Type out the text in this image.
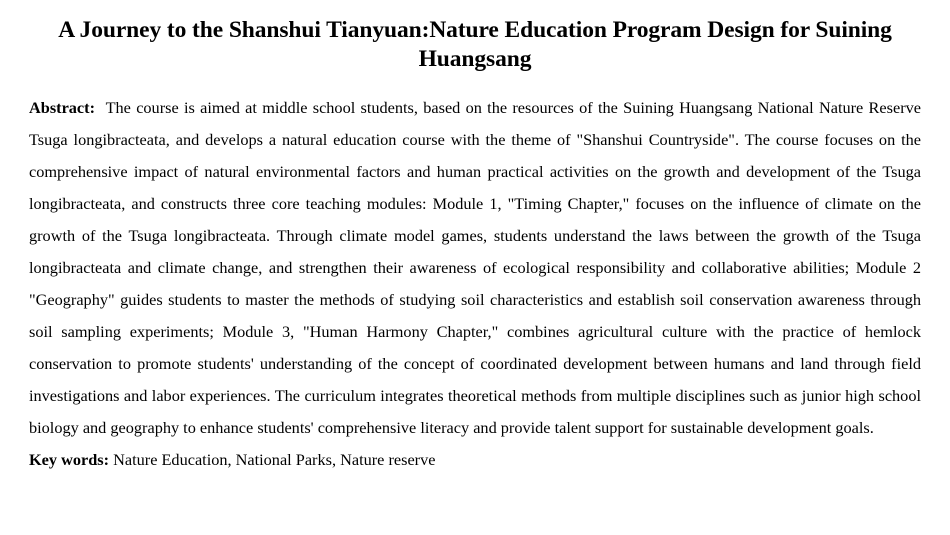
A Journey to the Shanshui Tianyuan:Nature Education Program Design for Suining Huangsang

Abstract: The course is aimed at middle school students, based on the resources of the Suining Huangsang National Nature Reserve Tsuga longibracteata, and develops a natural education course with the theme of "Shanshui Countryside". The course focuses on the comprehensive impact of natural environmental factors and human practical activities on the growth and development of the Tsuga longibracteata, and constructs three core teaching modules: Module 1, "Timing Chapter," focuses on the influence of climate on the growth of the Tsuga longibracteata. Through climate model games, students understand the laws between the growth of the Tsuga longibracteata and climate change, and strengthen their awareness of ecological responsibility and collaborative abilities; Module 2 "Geography" guides students to master the methods of studying soil characteristics and establish soil conservation awareness through soil sampling experiments; Module 3, "Human Harmony Chapter," combines agricultural culture with the practice of hemlock conservation to promote students' understanding of the concept of coordinated development between humans and land through field investigations and labor experiences. The curriculum integrates theoretical methods from multiple disciplines such as junior high school biology and geography to enhance students' comprehensive literacy and provide talent support for sustainable development goals.

Key words: Nature Education, National Parks, Nature reserve
